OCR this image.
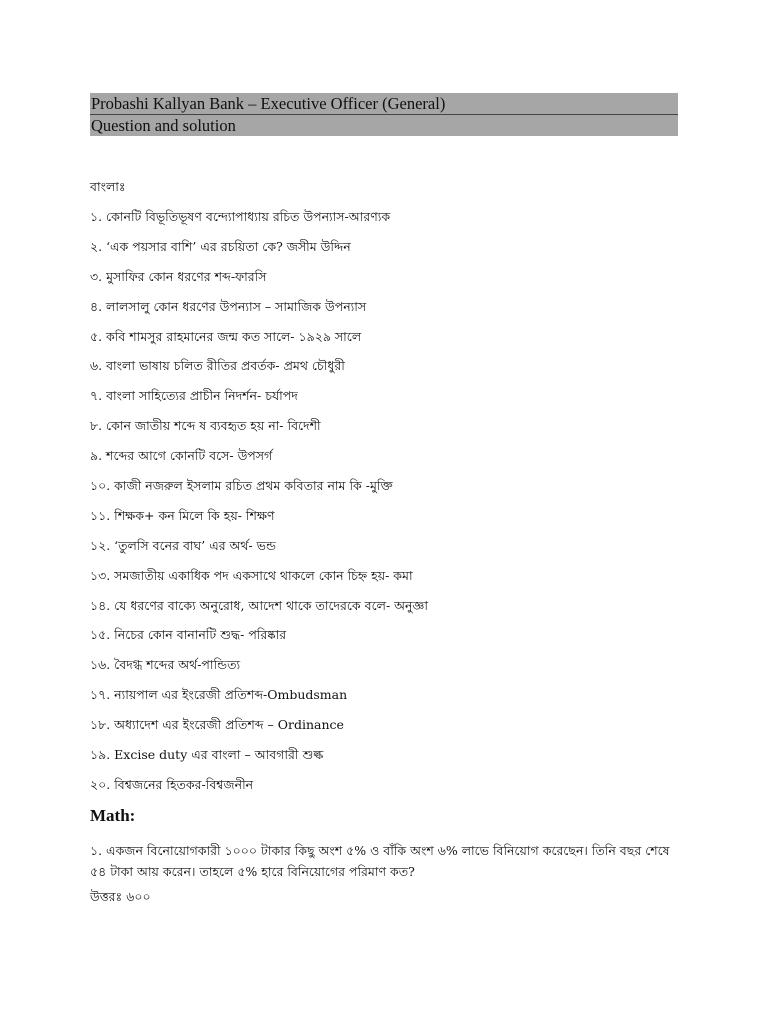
Probashi Kallyan Bank – Executive Officer (General)
Question and solution
বাংলাঃ
১. কোনটি বিভূতিভূষণ বন্দ্যোপাধ্যায় রচিত উপন্যাস-আরণ্যক
২. ‘এক পয়সার বাশি’ এর রচয়িতা কে? জসীম উদ্দিন
৩. মুসাফির কোন ধরণের শব্দ-ফারসি
৪. লালসালু কোন ধরণের উপন্যাস – সামাজিক উপন্যাস
৫. কবি শামসুর রাহমানের জন্ম কত সালে- ১৯২৯ সালে
৬. বাংলা ভাষায় চলিত রীতির প্রবর্তক- প্রমথ চৌধুরী
৭. বাংলা সাহিত্যের প্রাচীন নিদর্শন- চর্যাপদ
৮. কোন জাতীয় শব্দে ষ ব্যবহৃত হয় না- বিদেশী
৯. শব্দের আগে কোনটি বসে- উপসর্গ
১০. কাজী নজরুল ইসলাম রচিত প্রথম কবিতার নাম কি -মুক্তি
১১. শিক্ষক+ কন মিলে কি হয়- শিক্ষণ
১২. ‘তুলসি বনের বাঘ’ এর অর্থ- ভন্ড
১৩. সমজাতীয় একাধিক পদ একসাথে থাকলে কোন চিহ্ন হয়- কমা
১৪. যে ধরণের বাক্যে অনুরোধ, আদেশ থাকে তাদেরকে বলে- অনুজ্ঞা
১৫. নিচের কোন বানানটি শুদ্ধ- পরিষ্কার
১৬. বৈদগ্ধ শব্দের অর্থ-পান্ডিত্য
১৭. ন্যায়পাল এর ইংরেজী প্রতিশব্দ-Ombudsman
১৮. অধ্যাদেশ এর ইংরেজী প্রতিশব্দ – Ordinance
১৯. Excise duty এর বাংলা – আবগারী শুল্ক
২০. বিশ্বজনের হিতকর-বিশ্বজনীন
Math:
১. একজন বিনোয়োগকারী ১০০০ টাকার কিছু অংশ ৫% ও বাঁকি অংশ ৬% লাভে বিনিয়োগ করেছেন। তিনি বছর শেষে ৫৪ টাকা আয় করেন। তাহলে ৫% হারে বিনিয়োগের পরিমাণ কত?
উত্তরঃ ৬০০
